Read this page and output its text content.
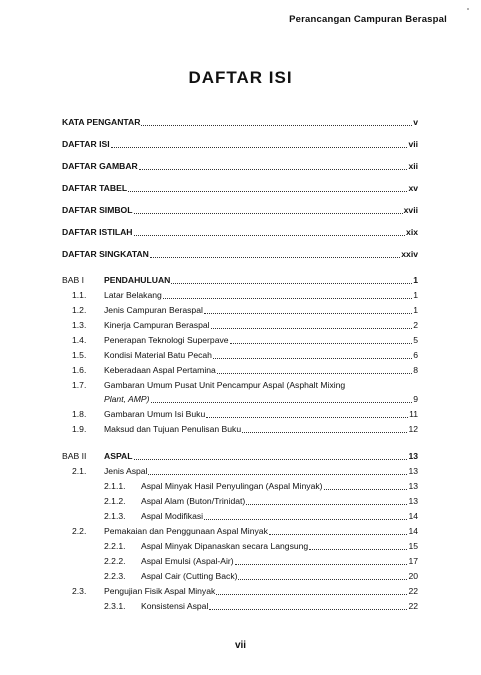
Perancangan Campuran Beraspal
DAFTAR ISI
KATA PENGANTAR	v
DAFTAR ISI	vii
DAFTAR GAMBAR	xii
DAFTAR TABEL	xv
DAFTAR SIMBOL	xvii
DAFTAR ISTILAH	xix
DAFTAR SINGKATAN	xxiv
BAB I PENDAHULUAN	1
1.1. Latar Belakang	1
1.2. Jenis Campuran Beraspal	1
1.3. Kinerja Campuran Beraspal	2
1.4. Penerapan Teknologi Superpave	5
1.5. Kondisi Material Batu Pecah	6
1.6. Keberadaan Aspal Pertamina	8
1.7. Gambaran Umum Pusat Unit Pencampur Aspal (Asphalt Mixing
Plant, AMP)	9
1.8. Gambaran Umum Isi Buku	11
1.9. Maksud dan Tujuan Penulisan Buku	12
BAB II ASPAL	13
2.1. Jenis Aspal	13
2.1.1. Aspal Minyak Hasil Penyulingan (Aspal Minyak)	13
2.1.2. Aspal Alam (Buton/Trinidat)	13
2.1.3. Aspal Modifikasi	14
2.2. Pemakaian dan Penggunaan Aspal Minyak	14
2.2.1. Aspal Minyak Dipanaskan secara Langsung	15
2.2.2. Aspal Emulsi (Aspal-Air)	17
2.2.3. Aspal Cair (Cutting Back)	20
2.3. Pengujian Fisik Aspal Minyak	22
2.3.1. Konsistensi Aspal	22
vii
